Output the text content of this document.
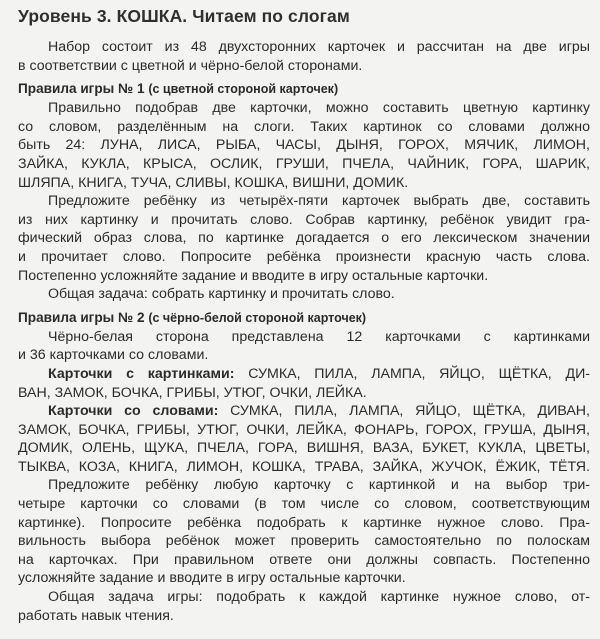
Уровень 3. КОШКА. Читаем по слогам
Набор состоит из 48 двухсторонних карточек и рассчитан на две игры
в соответствии с цветной и чёрно-белой сторонами.
Правила игры № 1 (с цветной стороной карточек)
Правильно подобрав две карточки, можно составить цветную картинку
со словом, разделённым на слоги. Таких картинок со словами должно
быть 24: ЛУНА, ЛИСА, РЫБА, ЧАСЫ, ДЫНЯ, ГОРОХ, МЯЧИК, ЛИМОН,
ЗАЙКА, КУКЛА, КРЫСА, ОСЛИК, ГРУШИ, ПЧЕЛА, ЧАЙНИК, ГОРА, ШАРИК,
ШЛЯПА, КНИГА, ТУЧА, СЛИВЫ, КОШКА, ВИШНИ, ДОМИК.
Предложите ребёнку из четырёх-пяти карточек выбрать две, составить
из них картинку и прочитать слово. Собрав картинку, ребёнок увидит гра-
фический образ слова, по картинке догадается о его лексическом значении
и прочитает слово. Попросите ребёнка произнести красную часть слова.
Постепенно усложняйте задание и вводите в игру остальные карточки.
Общая задача: собрать картинку и прочитать слово.
Правила игры № 2 (с чёрно-белой стороной карточек)
Чёрно-белая сторона представлена 12 карточками с картинками
и 36 карточками со словами.
Карточки с картинками: СУМКА, ПИЛА, ЛАМПА, ЯЙЦО, ЩЁТКА, ДИ-
ВАН, ЗАМОК, БОЧКА, ГРИБЫ, УТЮГ, ОЧКИ, ЛЕЙКА.
Карточки со словами: СУМКА, ПИЛА, ЛАМПА, ЯЙЦО, ЩЁТКА, ДИВАН,
ЗАМОК, БОЧКА, ГРИБЫ, УТЮГ, ОЧКИ, ЛЕЙКА, ФОНАРЬ, ГОРОХ, ГРУША, ДЫНЯ,
ДОМИК, ОЛЕНЬ, ЩУКА, ПЧЕЛА, ГОРА, ВИШНЯ, ВАЗА, БУКЕТ, КУКЛА, ЦВЕТЫ,
ТЫКВА, КОЗА, КНИГА, ЛИМОН, КОШКА, ТРАВА, ЗАЙКА, ЖУЧОК, ЁЖИК, ТЁТЯ.
Предложите ребёнку любую карточку с картинкой и на выбор три-
четыре карточки со словами (в том числе со словом, соответствующим
картинке). Попросите ребёнка подобрать к картинке нужное слово. Пра-
вильность выбора ребёнок может проверить самостоятельно по полоскам
на карточках. При правильном ответе они должны совпасть. Постепенно
усложняйте задание и вводите в игру остальные карточки.
Общая задача игры: подобрать к каждой картинке нужное слово, от-
работать навык чтения.
